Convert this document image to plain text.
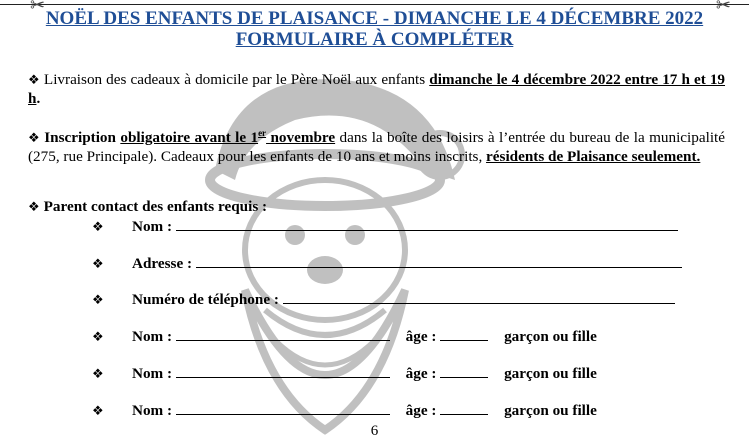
✂	✂
NOËL DES ENFANTS DE PLAISANCE - DIMANCHE LE 4 DÉCEMBRE 2022
FORMULAIRE À COMPLÉTER
❖ Livraison des cadeaux à domicile par le Père Noël aux enfants dimanche le 4 décembre 2022 entre 17 h et 19 h.
❖ Inscription obligatoire avant le 1er novembre dans la boîte des loisirs à l’entrée du bureau de la municipalité (275, rue Principale). Cadeaux pour les enfants de 10 ans et moins inscrits, résidents de Plaisance seulement.
❖ Parent contact des enfants requis :
❖ Nom :
❖ Adresse :
❖ Numéro de téléphone :
❖ Nom :	âge :	garçon ou fille
❖ Nom :	âge :	garçon ou fille
❖ Nom :	âge :	garçon ou fille
6
